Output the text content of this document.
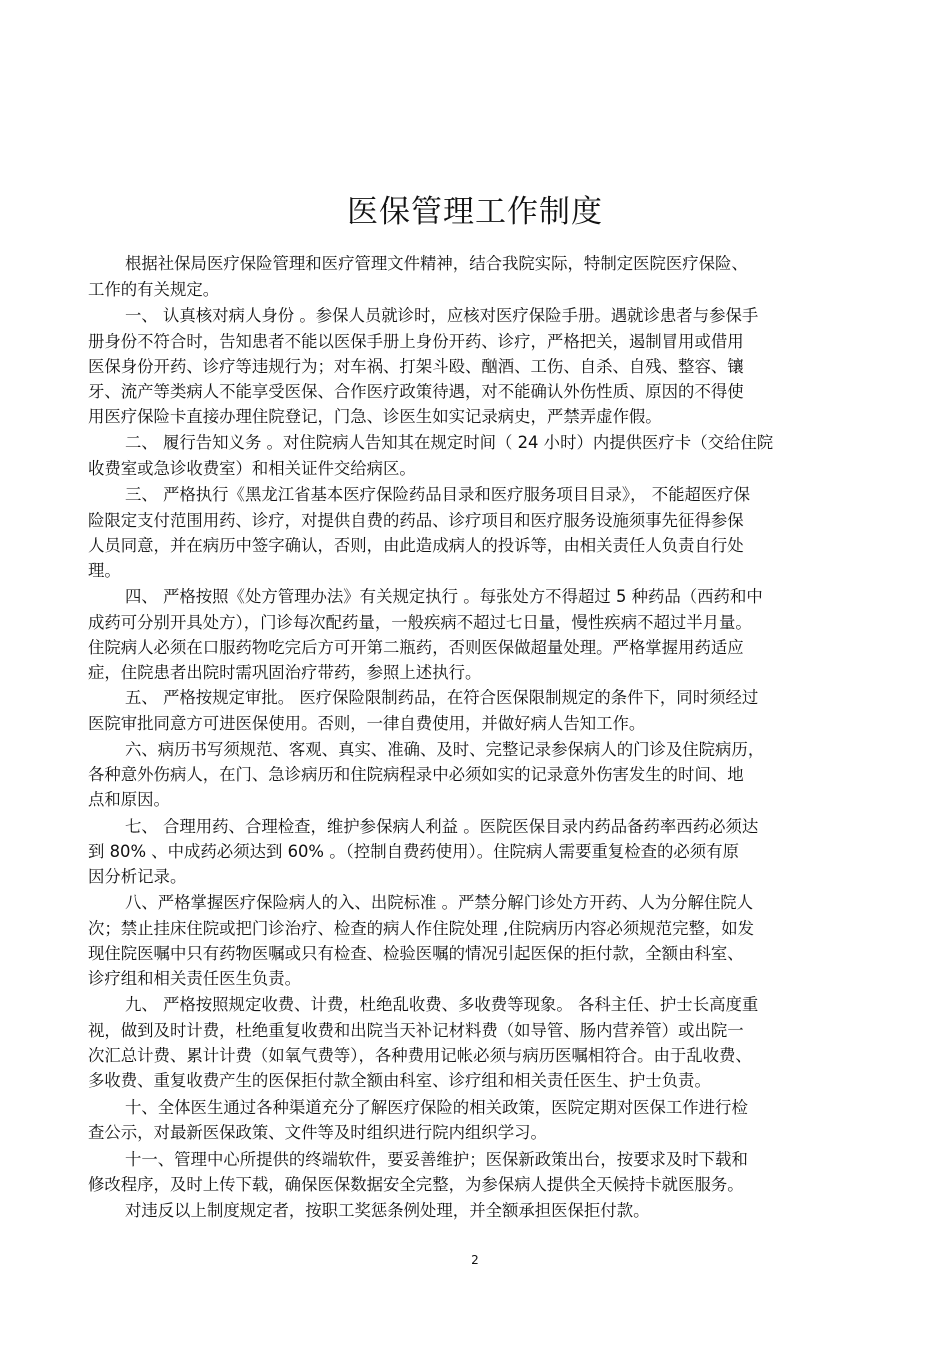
医保管理工作制度
根据社保局医疗保险管理和医疗管理文件精神，结合我院实际，特制定医院医疗保险、
工作的有关规定。
一、 认真核对病人身份 。参保人员就诊时，应核对医疗保险手册。遇就诊患者与参保手
册身份不符合时，告知患者不能以医保手册上身份开药、诊疗，严格把关，遏制冒用或借用
医保身份开药、诊疗等违规行为；对车祸、打架斗殴、酗酒、工伤、自杀、自残、整容、镶
牙、流产等类病人不能享受医保、合作医疗政策待遇，对不能确认外伤性质、原因的不得使
用医疗保险卡直接办理住院登记，门急、诊医生如实记录病史，严禁弄虚作假。
二、 履行告知义务 。对住院病人告知其在规定时间（ 24 小时）内提供医疗卡（交给住院
收费室或急诊收费室）和相关证件交给病区。
三、 严格执行《黑龙江省基本医疗保险药品目录和医疗服务项目目录》， 不能超医疗保
险限定支付范围用药、诊疗，对提供自费的药品、诊疗项目和医疗服务设施须事先征得参保
人员同意，并在病历中签字确认，否则，由此造成病人的投诉等，由相关责任人负责自行处
理。
四、 严格按照《处方管理办法》有关规定执行 。每张处方不得超过 5 种药品（西药和中
成药可分别开具处方），门诊每次配药量，一般疾病不超过七日量，慢性疾病不超过半月量。
住院病人必须在口服药物吃完后方可开第二瓶药，否则医保做超量处理。严格掌握用药适应
症，住院患者出院时需巩固治疗带药，参照上述执行。
五、 严格按规定审批。 医疗保险限制药品，在符合医保限制规定的条件下，同时须经过
医院审批同意方可进医保使用。否则，一律自费使用，并做好病人告知工作。
六、病历书写须规范、客观、真实、准确、及时、完整记录参保病人的门诊及住院病历，
各种意外伤病人，在门、急诊病历和住院病程录中必须如实的记录意外伤害发生的时间、地
点和原因。
七、 合理用药、合理检查，维护参保病人利益 。医院医保目录内药品备药率西药必须达
到 80% 、中成药必须达到 60% 。（控制自费药使用）。住院病人需要重复检查的必须有原
因分析记录。
八、严格掌握医疗保险病人的入、出院标准 。严禁分解门诊处方开药、人为分解住院人
次；禁止挂床住院或把门诊治疗、检查的病人作住院处理 ,住院病历内容必须规范完整，如发
现住院医嘱中只有药物医嘱或只有检查、检验医嘱的情况引起医保的拒付款，全额由科室、
诊疗组和相关责任医生负责。
九、 严格按照规定收费、计费，杜绝乱收费、多收费等现象。 各科主任、护士长高度重
视，做到及时计费，杜绝重复收费和出院当天补记材料费（如导管、肠内营养管）或出院一
次汇总计费、累计计费（如氧气费等），各种费用记帐必须与病历医嘱相符合。由于乱收费、
多收费、重复收费产生的医保拒付款全额由科室、诊疗组和相关责任医生、护士负责。
十、全体医生通过各种渠道充分了解医疗保险的相关政策，医院定期对医保工作进行检
查公示，对最新医保政策、文件等及时组织进行院内组织学习。
十一、管理中心所提供的终端软件，要妥善维护；医保新政策出台，按要求及时下载和
修改程序，及时上传下载，确保医保数据安全完整，为参保病人提供全天候持卡就医服务。
对违反以上制度规定者，按职工奖惩条例处理，并全额承担医保拒付款。
2
